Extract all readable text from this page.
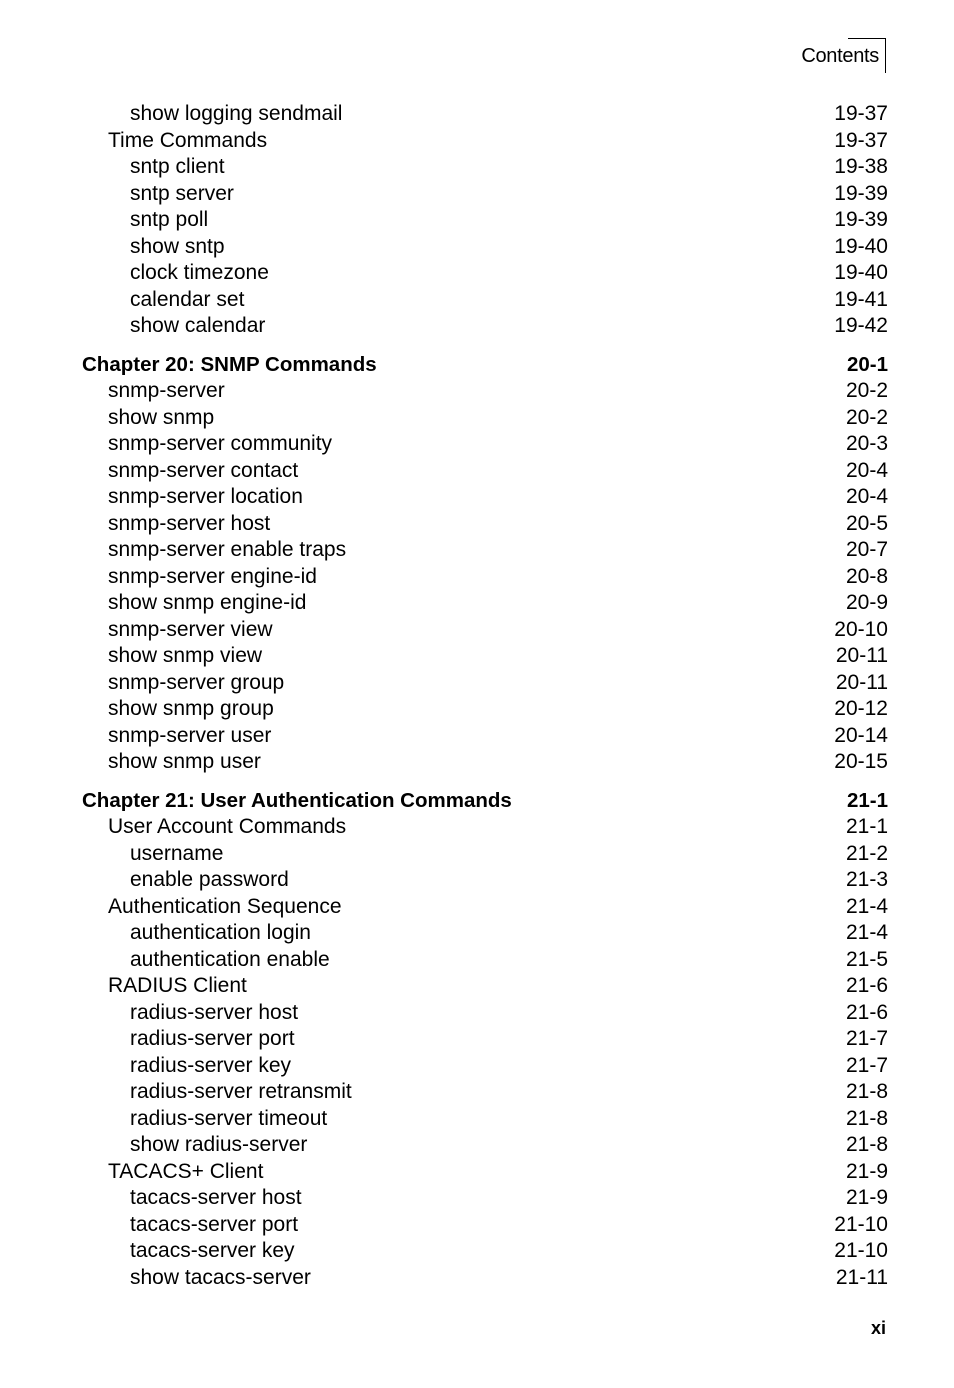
Contents
show logging sendmail	19-37
Time Commands	19-37
sntp client	19-38
sntp server	19-39
sntp poll	19-39
show sntp	19-40
clock timezone	19-40
calendar set	19-41
show calendar	19-42
Chapter 20: SNMP Commands	20-1
snmp-server	20-2
show snmp	20-2
snmp-server community	20-3
snmp-server contact	20-4
snmp-server location	20-4
snmp-server host	20-5
snmp-server enable traps	20-7
snmp-server engine-id	20-8
show snmp engine-id	20-9
snmp-server view	20-10
show snmp view	20-11
snmp-server group	20-11
show snmp group	20-12
snmp-server user	20-14
show snmp user	20-15
Chapter 21: User Authentication Commands	21-1
User Account Commands	21-1
username	21-2
enable password	21-3
Authentication Sequence	21-4
authentication login	21-4
authentication enable	21-5
RADIUS Client	21-6
radius-server host	21-6
radius-server port	21-7
radius-server key	21-7
radius-server retransmit	21-8
radius-server timeout	21-8
show radius-server	21-8
TACACS+ Client	21-9
tacacs-server host	21-9
tacacs-server port	21-10
tacacs-server key	21-10
show tacacs-server	21-11
xi
